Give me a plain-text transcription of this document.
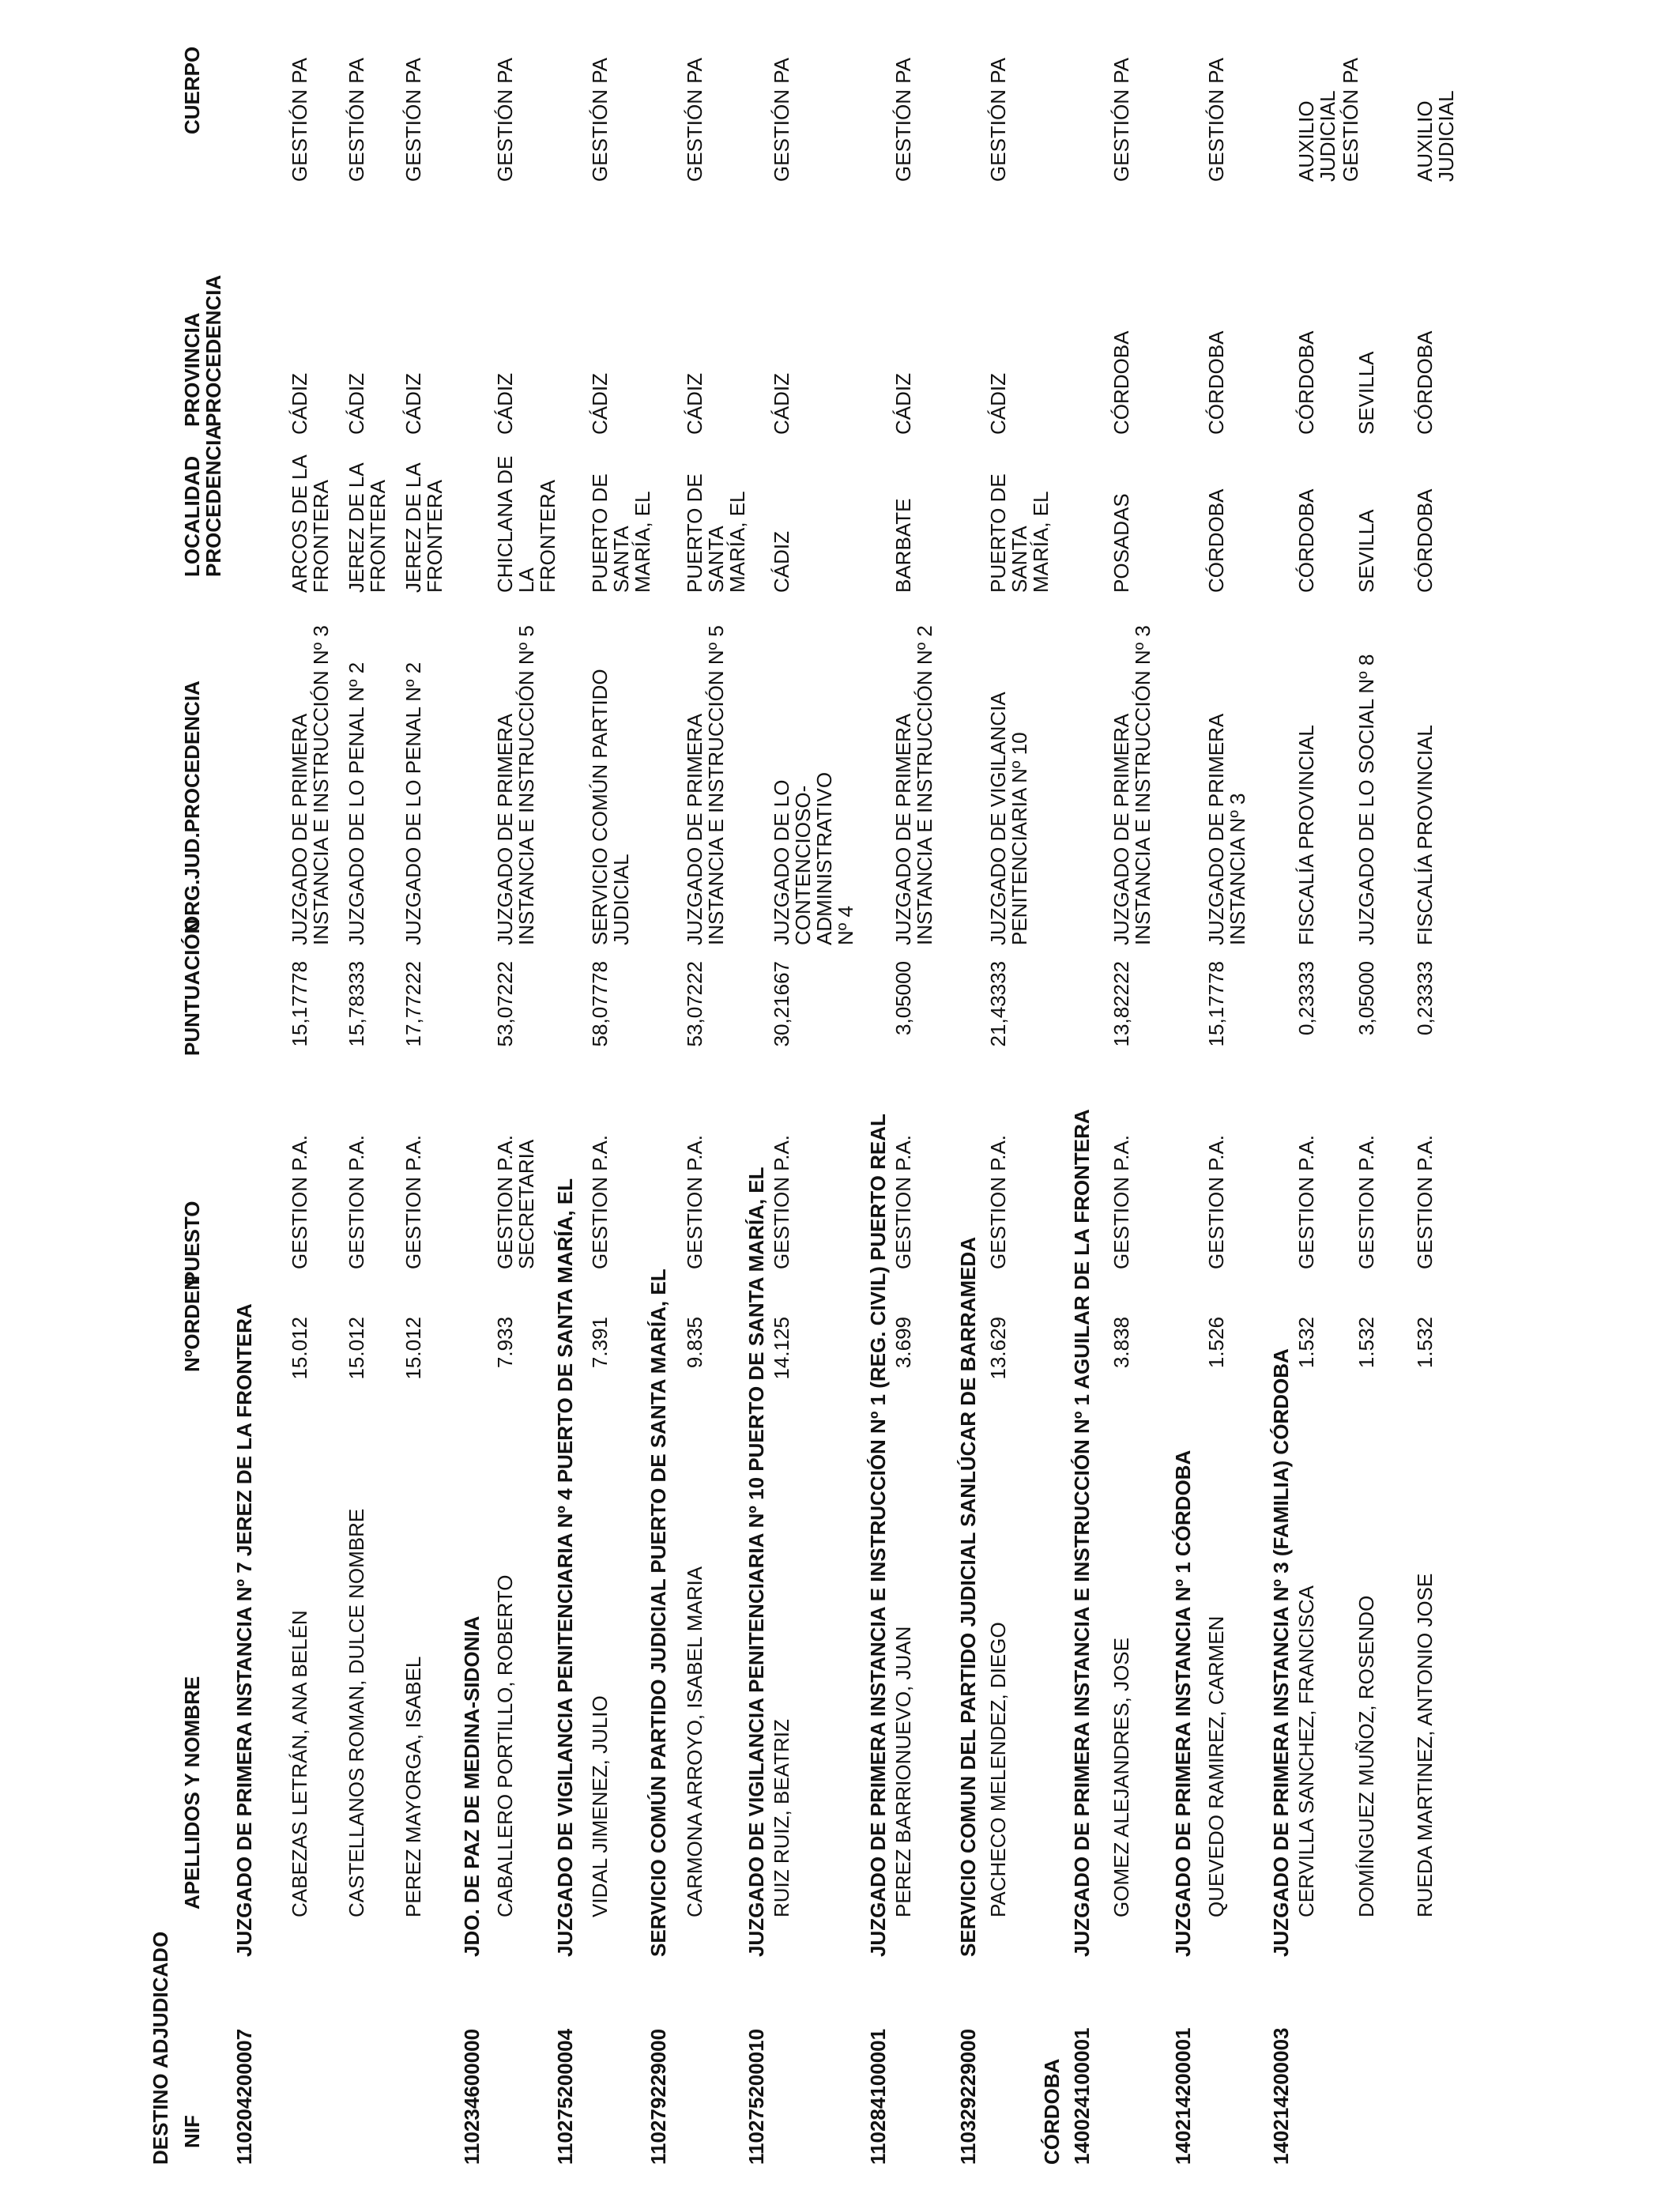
DESTINO ADJUDICADO NIF
APELLIDOS Y NOMBRE
NºORDEN
PUESTO
PUNTUACIÓN
ORG.JUD.PROCEDENCIA
LOCALIDAD PROCEDENCIA
PROVINCIA PROCEDENCIA
CUERPO
110204200007
JUZGADO DE PRIMERA INSTANCIA Nº 7 JEREZ DE LA FRONTERA CABEZAS LETRÁN, ANA BELÉN
15.012
GESTION P.A.
15,17778
JUZGADO DE PRIMERA INSTANCIA E INSTRUCCIÓN Nº 3
ARCOS DE LA FRONTERA
CÁDIZ
GESTIÓN PA
CASTELLANOS ROMAN, DULCE NOMBRE
15.012
GESTION P.A.
15,78333
JUZGADO DE LO PENAL Nº 2
JEREZ DE LA FRONTERA
CÁDIZ
GESTIÓN PA
PEREZ MAYORGA, ISABEL
15.012
GESTION P.A.
17,77222
JUZGADO DE LO PENAL Nº 2
JEREZ DE LA FRONTERA
CÁDIZ
GESTIÓN PA
110234600000
JDO. DE PAZ DE MEDINA-SIDONIA CABALLERO PORTILLO, ROBERTO
7.933
GESTION P.A. SECRETARIA
53,07222
JUZGADO DE PRIMERA INSTANCIA E INSTRUCCIÓN Nº 5
CHICLANA DE LA FRONTERA
CÁDIZ
GESTIÓN PA
110275200004
JUZGADO DE VIGILANCIA PENITENCIARIA Nº 4 PUERTO DE SANTA MARÍA, EL VIDAL JIMENEZ, JULIO
7.391
GESTION P.A.
58,07778
SERVICIO COMÚN PARTIDO JUDICIAL
PUERTO DE SANTA MARÍA, EL
CÁDIZ
GESTIÓN PA
110279229000
SERVICIO COMÚN PARTIDO JUDICIAL PUERTO DE SANTA MARÍA, EL CARMONA ARROYO, ISABEL MARIA
9.835
GESTION P.A.
53,07222
JUZGADO DE PRIMERA INSTANCIA E INSTRUCCIÓN Nº 5
PUERTO DE SANTA MARÍA, EL
CÁDIZ
GESTIÓN PA
110275200010
JUZGADO DE VIGILANCIA PENITENCIARIA Nº 10 PUERTO DE SANTA MARÍA, EL RUIZ RUIZ, BEATRIZ
14.125
GESTION P.A.
30,21667
JUZGADO DE LO CONTENCIOSO-ADMINISTRATIVO Nº 4
CÁDIZ
CÁDIZ
GESTIÓN PA
110284100001
JUZGADO DE PRIMERA INSTANCIA E INSTRUCCIÓN Nº 1 (REG. CIVIL) PUERTO REAL PEREZ BARRIONUEVO, JUAN
3.699
GESTION P.A.
3,05000
JUZGADO DE PRIMERA INSTANCIA E INSTRUCCIÓN Nº 2
BARBATE
CÁDIZ
GESTIÓN PA
110329229000
SERVICIO COMUN DEL PARTIDO JUDICIAL SANLÚCAR DE BARRAMEDA PACHECO MELENDEZ, DIEGO
13.629
GESTION P.A.
21,43333
JUZGADO DE VIGILANCIA PENITENCIARIA Nº 10
PUERTO DE SANTA MARÍA, EL
CÁDIZ
GESTIÓN PA
CÓRDOBA 140024100001
JUZGADO DE PRIMERA INSTANCIA E INSTRUCCIÓN Nº 1 AGUILAR DE LA FRONTERA GOMEZ ALEJANDRES, JOSE
3.838
GESTION P.A.
13,82222
JUZGADO DE PRIMERA INSTANCIA E INSTRUCCIÓN Nº 3
POSADAS
CÓRDOBA
GESTIÓN PA
140214200001
JUZGADO DE PRIMERA INSTANCIA Nº 1 CÓRDOBA QUEVEDO RAMIREZ, CARMEN
1.526
GESTION P.A.
15,17778
JUZGADO DE PRIMERA INSTANCIA Nº 3
CÓRDOBA
CÓRDOBA
GESTIÓN PA
140214200003
JUZGADO DE PRIMERA INSTANCIA Nº 3 (FAMILIA) CÓRDOBA CERVILLA SANCHEZ, FRANCISCA
1.532
GESTION P.A.
0,23333
FISCALÍA PROVINCIAL
CÓRDOBA
CÓRDOBA
AUXILIO JUDICIAL
DOMÍNGUEZ MUÑOZ, ROSENDO
1.532
GESTION P.A.
3,05000
JUZGADO DE LO SOCIAL Nº 8
SEVILLA
SEVILLA
GESTIÓN PA
RUEDA MARTINEZ, ANTONIO JOSE
1.532
GESTION P.A.
0,23333
FISCALÍA PROVINCIAL
CÓRDOBA
CÓRDOBA
AUXILIO JUDICIAL
